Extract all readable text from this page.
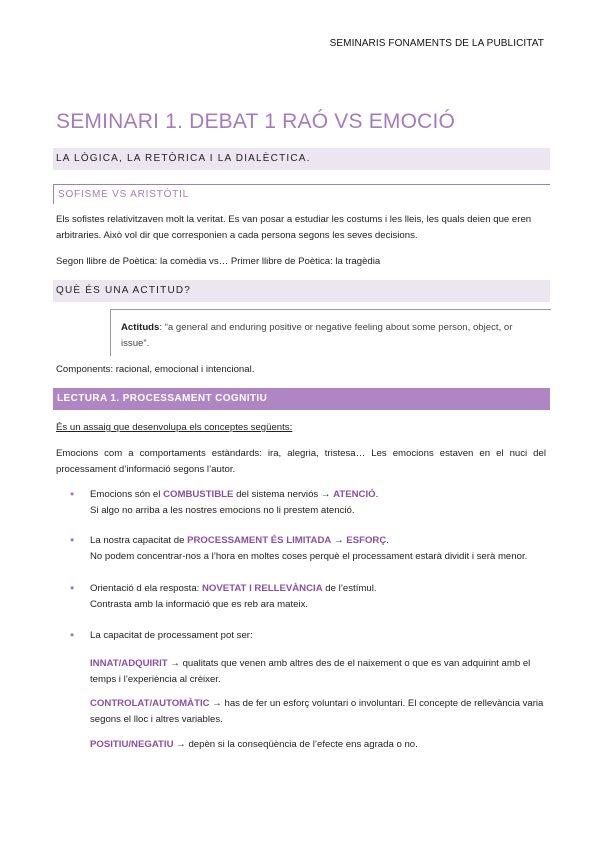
SEMINARIS FONAMENTS DE LA PUBLICITAT
SEMINARI 1. DEBAT 1 RAÓ VS EMOCIÓ
LA LÒGICA, LA RETÒRICA I LA DIALÈCTICA.
SOFISME VS ARISTÒTIL
Els sofistes relativitzaven molt la veritat. Es van posar a estudiar les costums i les lleis, les quals deien que eren arbitraries. Això vol dir que corresponien a cada persona segons les seves decisions.
Segon llibre de Poètica: la comèdia vs… Primer llibre de Poètica: la tragèdia
QUÈ ÉS UNA ACTITUD?
Actituds: “a general and enduring positive or negative feeling about some person, object, or issue”.
Components: racional, emocional i intencional.
LECTURA 1. PROCESSAMENT COGNITIU
És un assaig que desenvolupa els conceptes següents:
Emocions com a comportaments estàndards: ira, alegria, tristesa… Les emocions estaven en el nuci del processament d’informació segons l’autor.
• Emocions són el COMBUSTIBLE del sistema nerviós → ATENCIÓ.
Si algo no arriba a les nostres emocions no li prestem atenció.
• La nostra capacitat de PROCESSAMENT ÉS LIMITADA → ESFORÇ.
No podem concentrar-nos a l’hora en moltes coses perquè el processament estarà dividit i serà menor.
• Orientació d ela resposta: NOVETAT I RELLEVÀNCIA de l’estímul.
Contrasta amb la informació que es reb ara mateix.
• La capacitat de processament pot ser:
INNAT/ADQUIRIT → qualitats que venen amb altres des de el naixement o que es van adquirint amb el temps i l’experiència al crèixer.
CONTROLAT/AUTOMÀTIC → has de fer un esforç voluntari o involuntari. El concepte de rellevància varia segons el lloc i altres variables.
POSITIU/NEGATIU → depèn si la conseqüència de l’efecte ens agrada o no.
